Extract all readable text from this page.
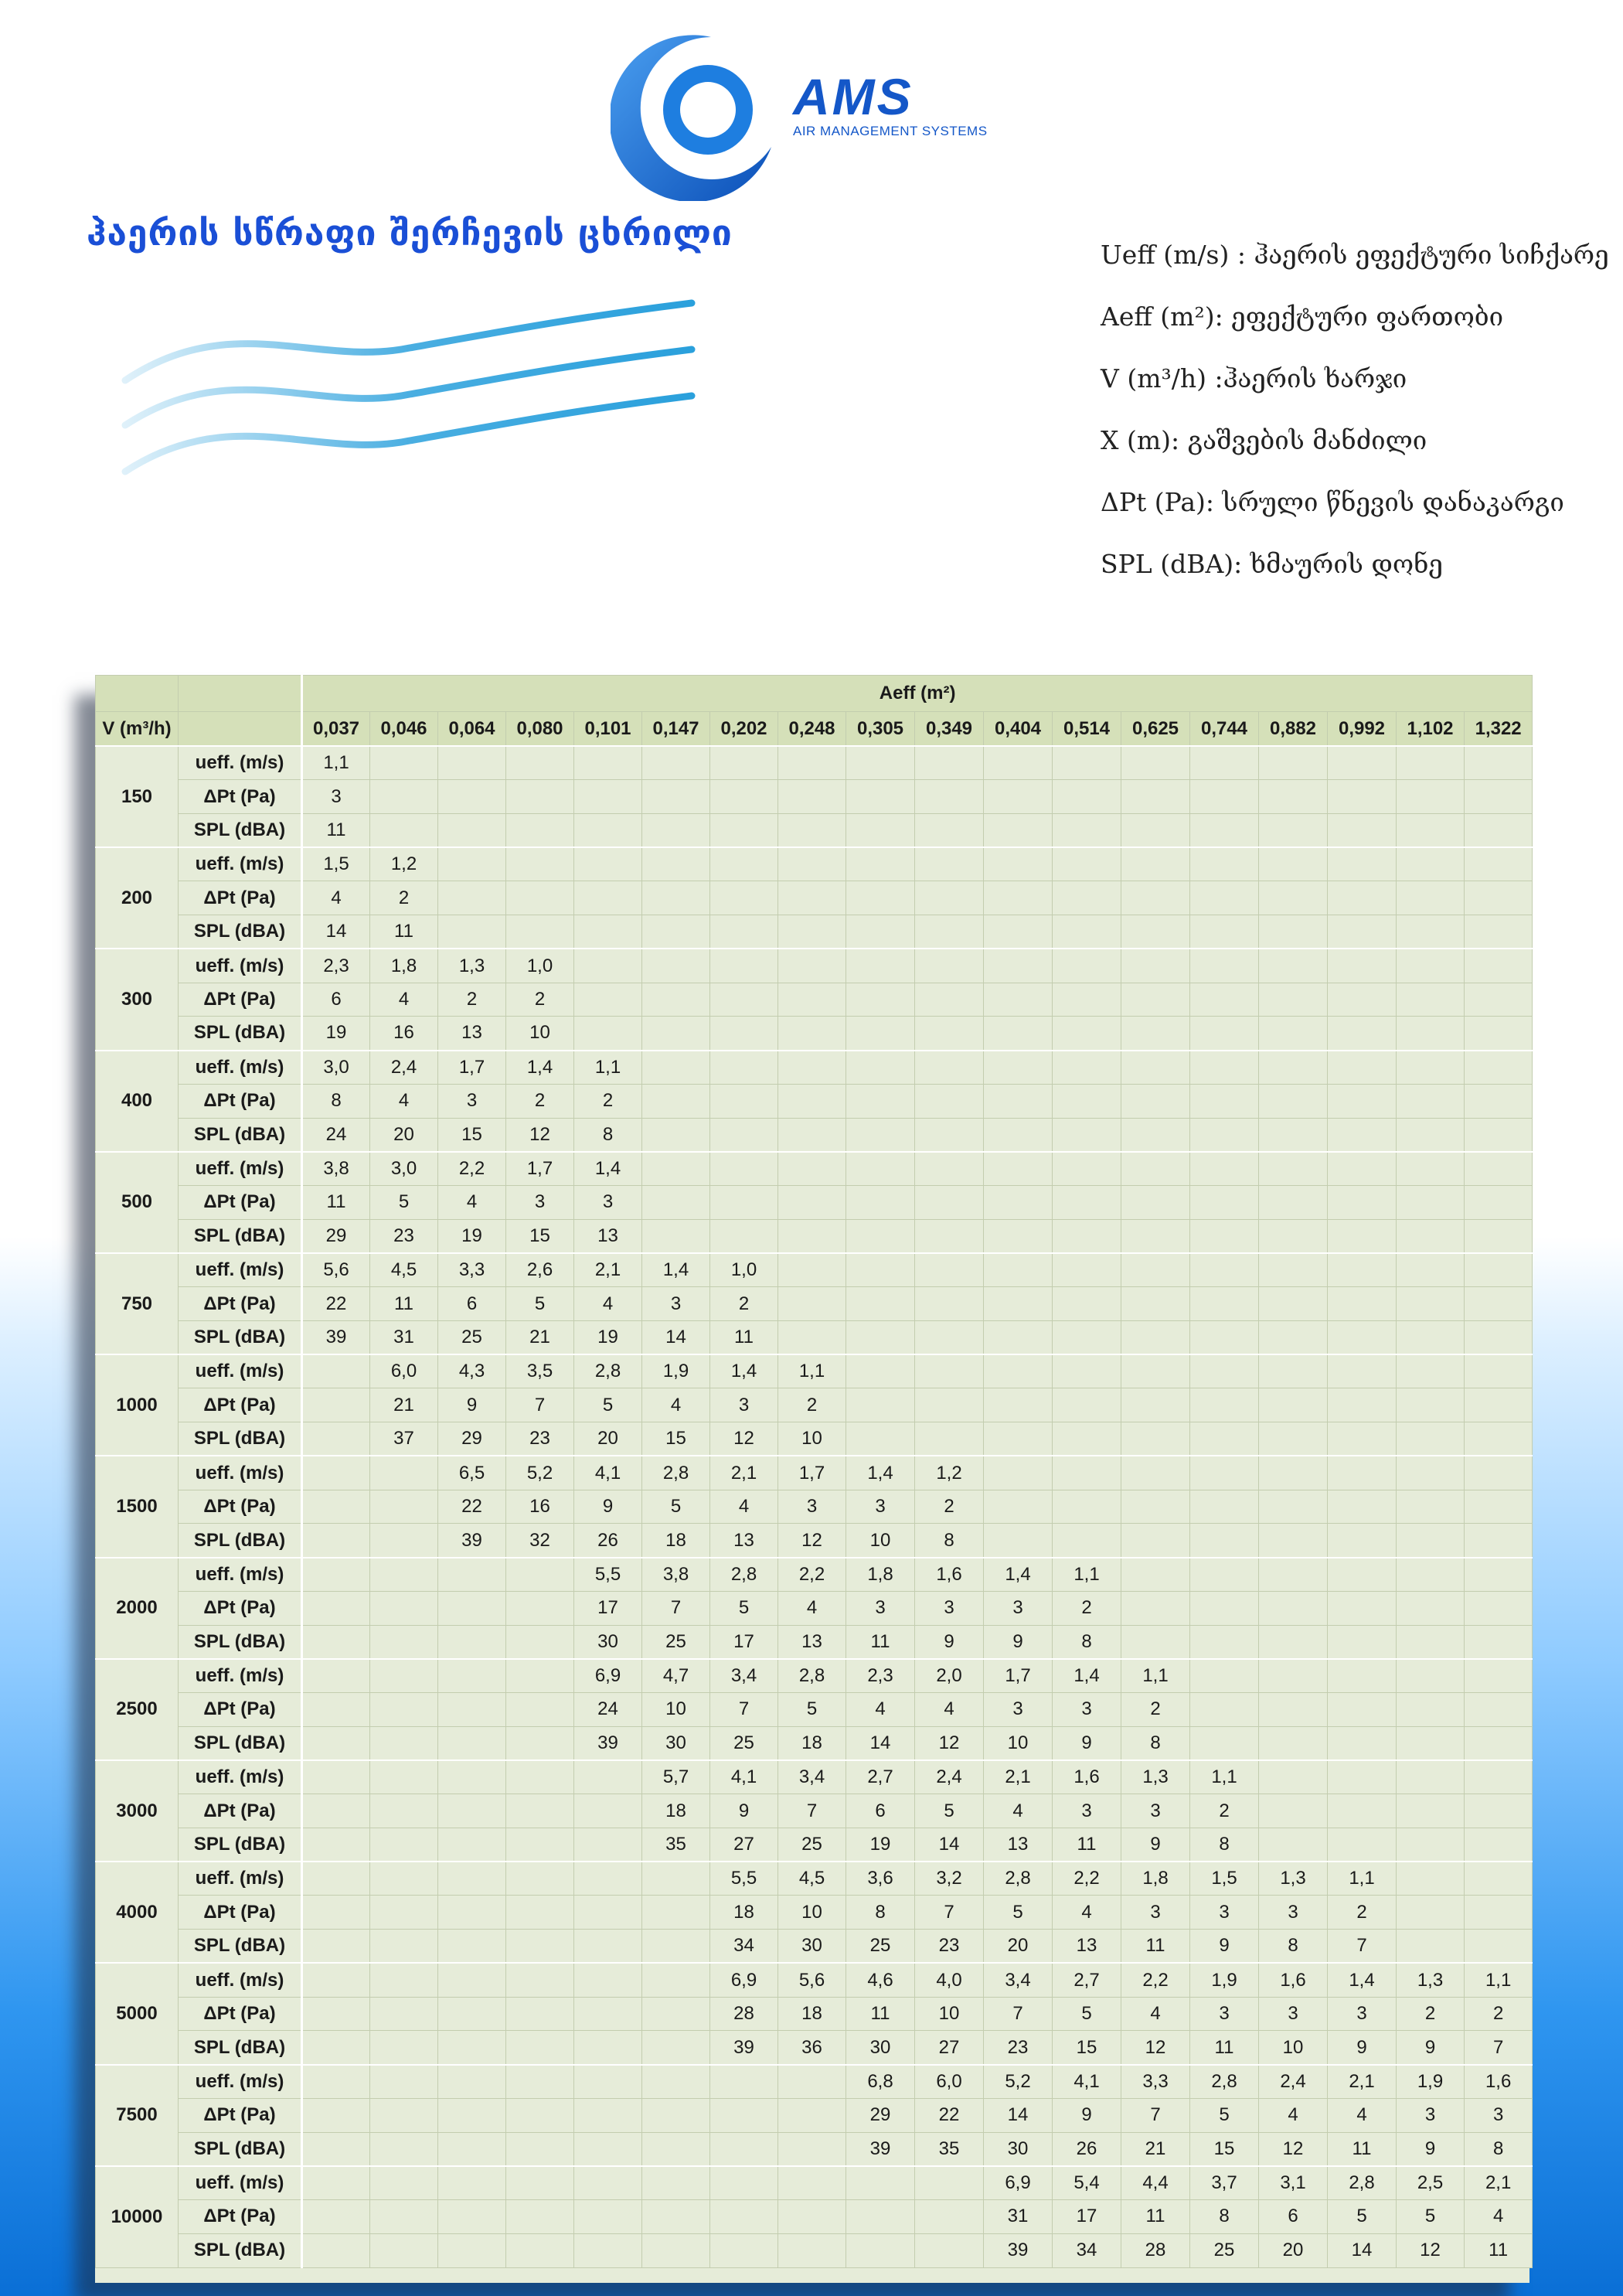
AMS
AIR MANAGEMENT SYSTEMS
ჰაერის სწრაფი შერჩევის ცხრილი
Ueff (m/s) : ჰაერის ეფექტური სიჩქარე
Aeff (m²): ეფექტური ფართობი
V (m³/h) :ჰაერის ხარჯი
X (m): გაშვების მანძილი
ΔPt (Pa): სრული წნევის დანაკარგი
SPL (dBA): ხმაურის დონე
		Aeff (m²)																	
V (m³/h)		0,037	0,046	0,064	0,080	0,101	0,147	0,202	0,248	0,305	0,349	0,404	0,514	0,625	0,744	0,882	0,992	1,102	1,322
150	ueff. (m/s)	1,1																	
	ΔPt (Pa)	3																	
	SPL (dBA)	11																	
200	ueff. (m/s)	1,5	1,2																
	ΔPt (Pa)	4	2																
	SPL (dBA)	14	11																
300	ueff. (m/s)	2,3	1,8	1,3	1,0														
	ΔPt (Pa)	6	4	2	2														
	SPL (dBA)	19	16	13	10														
400	ueff. (m/s)	3,0	2,4	1,7	1,4	1,1													
	ΔPt (Pa)	8	4	3	2	2													
	SPL (dBA)	24	20	15	12	8													
500	ueff. (m/s)	3,8	3,0	2,2	1,7	1,4													
	ΔPt (Pa)	11	5	4	3	3													
	SPL (dBA)	29	23	19	15	13													
750	ueff. (m/s)	5,6	4,5	3,3	2,6	2,1	1,4	1,0											
	ΔPt (Pa)	22	11	6	5	4	3	2											
	SPL (dBA)	39	31	25	21	19	14	11											
1000	ueff. (m/s)		6,0	4,3	3,5	2,8	1,9	1,4	1,1										
	ΔPt (Pa)		21	9	7	5	4	3	2										
	SPL (dBA)		37	29	23	20	15	12	10										
1500	ueff. (m/s)			6,5	5,2	4,1	2,8	2,1	1,7	1,4	1,2								
	ΔPt (Pa)			22	16	9	5	4	3	3	2								
	SPL (dBA)			39	32	26	18	13	12	10	8								
2000	ueff. (m/s)					5,5	3,8	2,8	2,2	1,8	1,6	1,4	1,1						
	ΔPt (Pa)					17	7	5	4	3	3	3	2						
	SPL (dBA)					30	25	17	13	11	9	9	8						
2500	ueff. (m/s)					6,9	4,7	3,4	2,8	2,3	2,0	1,7	1,4	1,1					
	ΔPt (Pa)					24	10	7	5	4	4	3	3	2					
	SPL (dBA)					39	30	25	18	14	12	10	9	8					
3000	ueff. (m/s)						5,7	4,1	3,4	2,7	2,4	2,1	1,6	1,3	1,1				
	ΔPt (Pa)						18	9	7	6	5	4	3	3	2				
	SPL (dBA)						35	27	25	19	14	13	11	9	8				
4000	ueff. (m/s)							5,5	4,5	3,6	3,2	2,8	2,2	1,8	1,5	1,3	1,1		
	ΔPt (Pa)							18	10	8	7	5	4	3	3	3	2		
	SPL (dBA)							34	30	25	23	20	13	11	9	8	7		
5000	ueff. (m/s)							6,9	5,6	4,6	4,0	3,4	2,7	2,2	1,9	1,6	1,4	1,3	1,1
	ΔPt (Pa)							28	18	11	10	7	5	4	3	3	3	2	2
	SPL (dBA)							39	36	30	27	23	15	12	11	10	9	9	7
7500	ueff. (m/s)									6,8	6,0	5,2	4,1	3,3	2,8	2,4	2,1	1,9	1,6
	ΔPt (Pa)									29	22	14	9	7	5	4	4	3	3
	SPL (dBA)									39	35	30	26	21	15	12	11	9	8
10000	ueff. (m/s)											6,9	5,4	4,4	3,7	3,1	2,8	2,5	2,1
	ΔPt (Pa)											31	17	11	8	6	5	5	4
	SPL (dBA)											39	34	28	25	20	14	12	11
